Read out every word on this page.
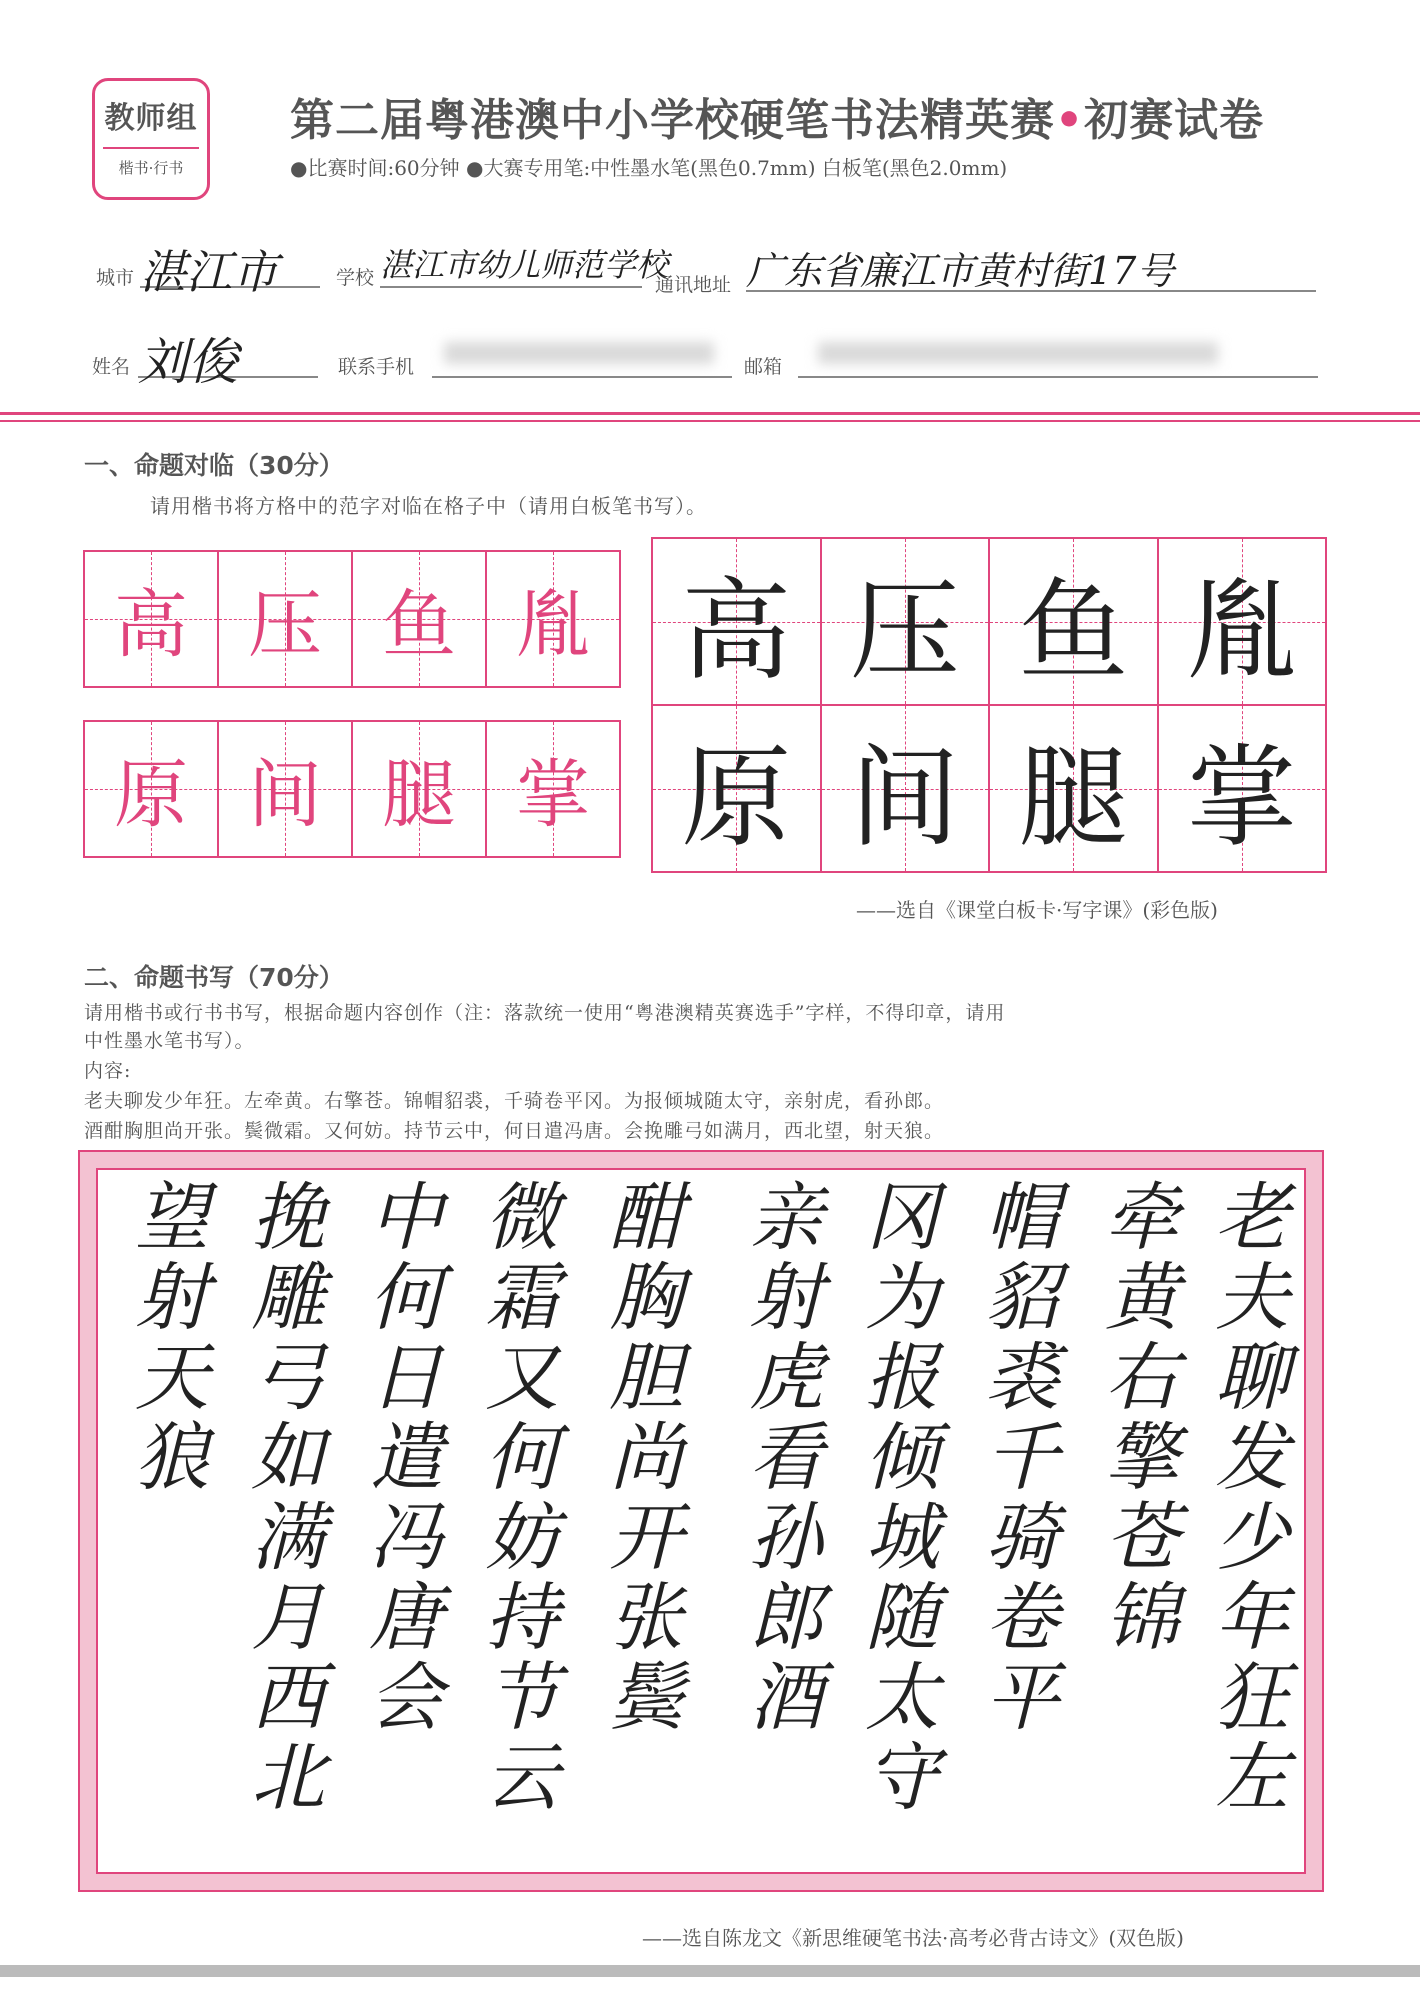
教师组
楷书·行书
第二届粤港澳中小学校硬笔书法精英赛•初赛试卷
●比赛时间:60分钟 ●大赛专用笔:中性墨水笔(黑色0.7mm) 白板笔(黑色2.0mm)
城市 湛江市	学校 湛江市幼儿师范学校
通讯地址 广东省廉江市黄村街17号
姓名 刘俊	联系手机	邮箱
一、命题对临（30分）
请用楷书将方格中的范字对临在格子中（请用白板笔书写）。
高 压 鱼 胤
原 间 腿 掌
高 压 鱼 胤
原 间 腿 掌
——选自《课堂白板卡·写字课》(彩色版)
二、命题书写（70分）
请用楷书或行书书写，根据命题内容创作（注：落款统一使用“粤港澳精英赛选手”字样，不得印章，请用
中性墨水笔书写）。
内容:
老夫聊发少年狂。左牵黄。右擎苍。锦帽貂裘，千骑卷平冈。为报倾城随太守，亲射虎，看孙郎。
酒酣胸胆尚开张。鬓微霜。又何妨。持节云中，何日遣冯唐。会挽雕弓如满月，西北望，射天狼。
老夫聊发少年狂左
牵黄右擎苍锦
帽貂裘千骑卷平
冈为报倾城随太守
亲射虎看孙郎酒
酣胸胆尚开张鬓
微霜又何妨持节云
中何日遣冯唐会
挽雕弓如满月西北
望射天狼
——选自陈龙文《新思维硬笔书法·高考必背古诗文》(双色版)
